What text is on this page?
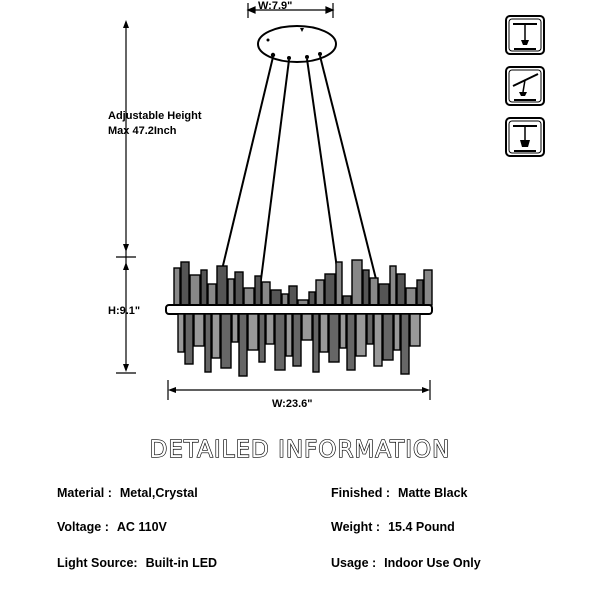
W:7.9"
Adjustable Height
Max 47.2Inch
H:9.1"
W:23.6"
DETAILED INFORMATION
Material : Metal,Crystal
Voltage : AC 110V
Light Source: Built-in LED
Finished : Matte Black
Weight : 15.4 Pound
Usage : Indoor Use Only
